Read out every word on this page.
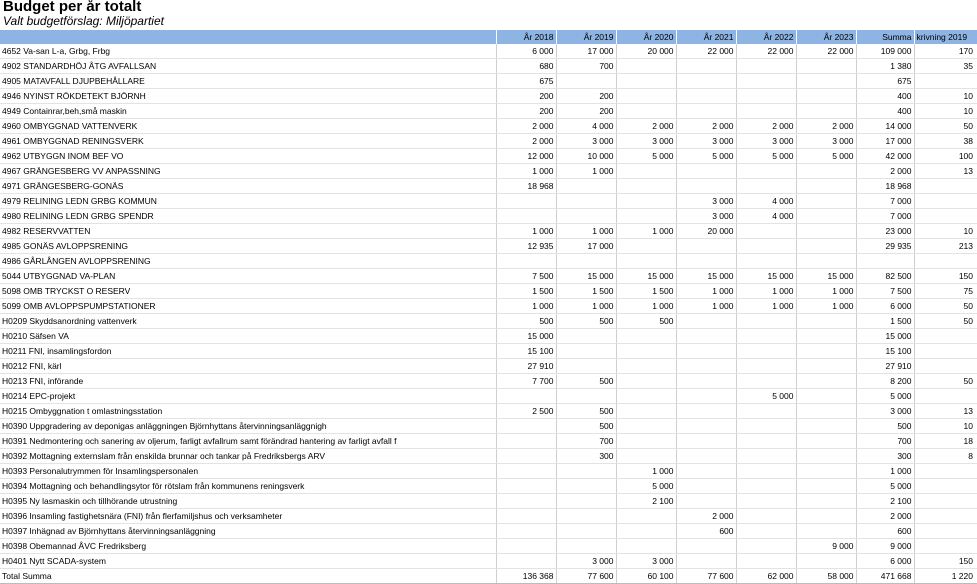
Budget per år totalt
Valt budgetförslag: Miljöpartiet
	År 2018	År 2019	År 2020	År 2021	År 2022	År 2023	Summa	krivning 2019
4652 Va-san L-a, Grbg, Frbg	6 000	17 000	20 000	22 000	22 000	22 000	109 000	170
4902 STANDARDHÖJ ÅTG AVFALLSAN	680	700					1 380	35
4905 MATAVFALL DJUPBEHÅLLARE	675						675	
4946 NYINST RÖKDETEKT BJÖRNH	200	200					400	10
4949 Containrar,beh,små maskin	200	200					400	10
4960 OMBYGGNAD VATTENVERK	2 000	4 000	2 000	2 000	2 000	2 000	14 000	50
4961 OMBYGGNAD RENINGSVERK	2 000	3 000	3 000	3 000	3 000	3 000	17 000	38
4962 UTBYGGN INOM BEF VO	12 000	10 000	5 000	5 000	5 000	5 000	42 000	100
4967 GRÄNGESBERG VV ANPASSNING	1 000	1 000					2 000	13
4971 GRÄNGESBERG-GONÄS	18 968						18 968	
4979 RELINING LEDN GRBG KOMMUN				3 000	4 000		7 000	
4980 RELINING LEDN GRBG SPENDR				3 000	4 000		7 000	
4982 RESERVVATTEN	1 000	1 000	1 000	20 000			23 000	10
4985 GONÄS AVLOPPSRENING	12 935	17 000					29 935	213
4986 GÅRLÅNGEN AVLOPPSRENING								
5044 UTBYGGNAD VA-PLAN	7 500	15 000	15 000	15 000	15 000	15 000	82 500	150
5098 OMB TRYCKST O RESERV	1 500	1 500	1 500	1 000	1 000	1 000	7 500	75
5099 OMB AVLOPPSPUMPSTATIONER	1 000	1 000	1 000	1 000	1 000	1 000	6 000	50
H0209 Skyddsanordning vattenverk	500	500	500				1 500	50
H0210 Säfsen VA	15 000						15 000	
H0211 FNI, insamlingsfordon	15 100						15 100	
H0212 FNI, kärl	27 910						27 910	
H0213 FNI, införande	7 700	500					8 200	50
H0214 EPC-projekt					5 000		5 000	
H0215 Ombyggnation t omlastningsstation	2 500	500					3 000	13
H0390 Uppgradering av deponigas anläggningen Björnhyttans återvinningsanläggnigh		500					500	10
H0391 Nedmontering och sanering av oljerum, farligt avfallrum samt förändrad hantering av farligt avfall f		700					700	18
H0392 Mottagning externslam från enskilda brunnar och tankar på Fredriksbergs ARV		300					300	8
H0393 Personalutrymmen för Insamlingspersonalen			1 000				1 000	
H0394 Mottagning och behandlingsytor för rötslam från kommunens reningsverk			5 000				5 000	
H0395 Ny lasmaskin och tillhörande utrustning			2 100				2 100	
H0396 Insamling fastighetsnära (FNI) från flerfamiljshus och verksamheter				2 000			2 000	
H0397 Inhägnad av Björnhyttans återvinningsanläggning				600			600	
H0398 Obemannad ÅVC Fredriksberg						9 000	9 000	
H0401 Nytt SCADA-system		3 000	3 000				6 000	150
Total Summa	136 368	77 600	60 100	77 600	62 000	58 000	471 668	1 220
